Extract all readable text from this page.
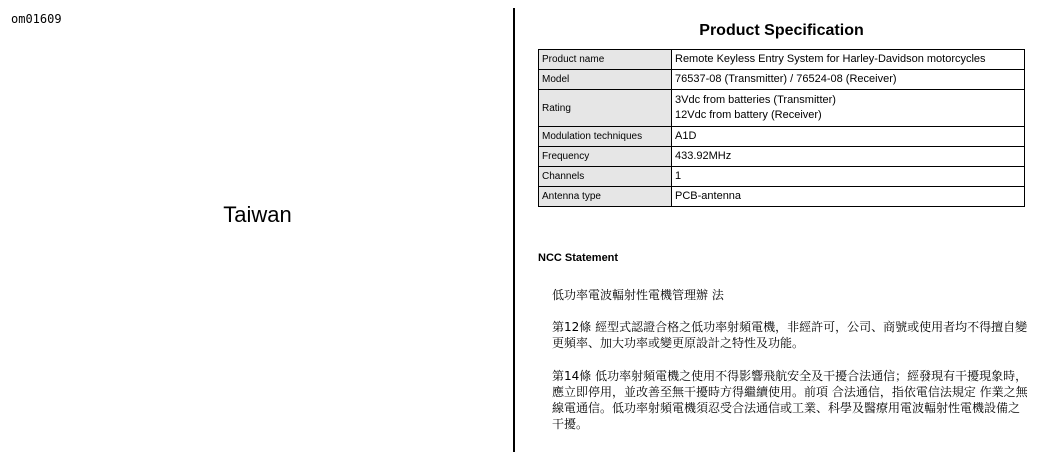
om01609
Taiwan
Product Specification
Product name	Remote Keyless Entry System for Harley-Davidson motorcycles
Model	76537-08 (Transmitter) / 76524-08 (Receiver)
Rating	3Vdc from batteries (Transmitter)
12Vdc from battery (Receiver)

Modulation techniques	A1D
Frequency	433.92MHz
Channels	1
Antenna type	PCB-antenna
NCC Statement
低功率電波輻射性電機管理辦 法
第12條 經型式認證合格之低功率射頻電機，非經許可，公司、商號或使用者均不得擅自變更頻率、加大功率或變更原設計之特性及功能。
第14條 低功率射頻電機之使用不得影響飛航安全及干擾合法通信；經發現有干擾現象時，應立即停用，並改善至無干擾時方得繼續使用。前項 合法通信，指依電信法規定 作業之無線電通信。低功率射頻電機須忍受合法通信或工業、科學及醫療用電波輻射性電機設備之干擾。
